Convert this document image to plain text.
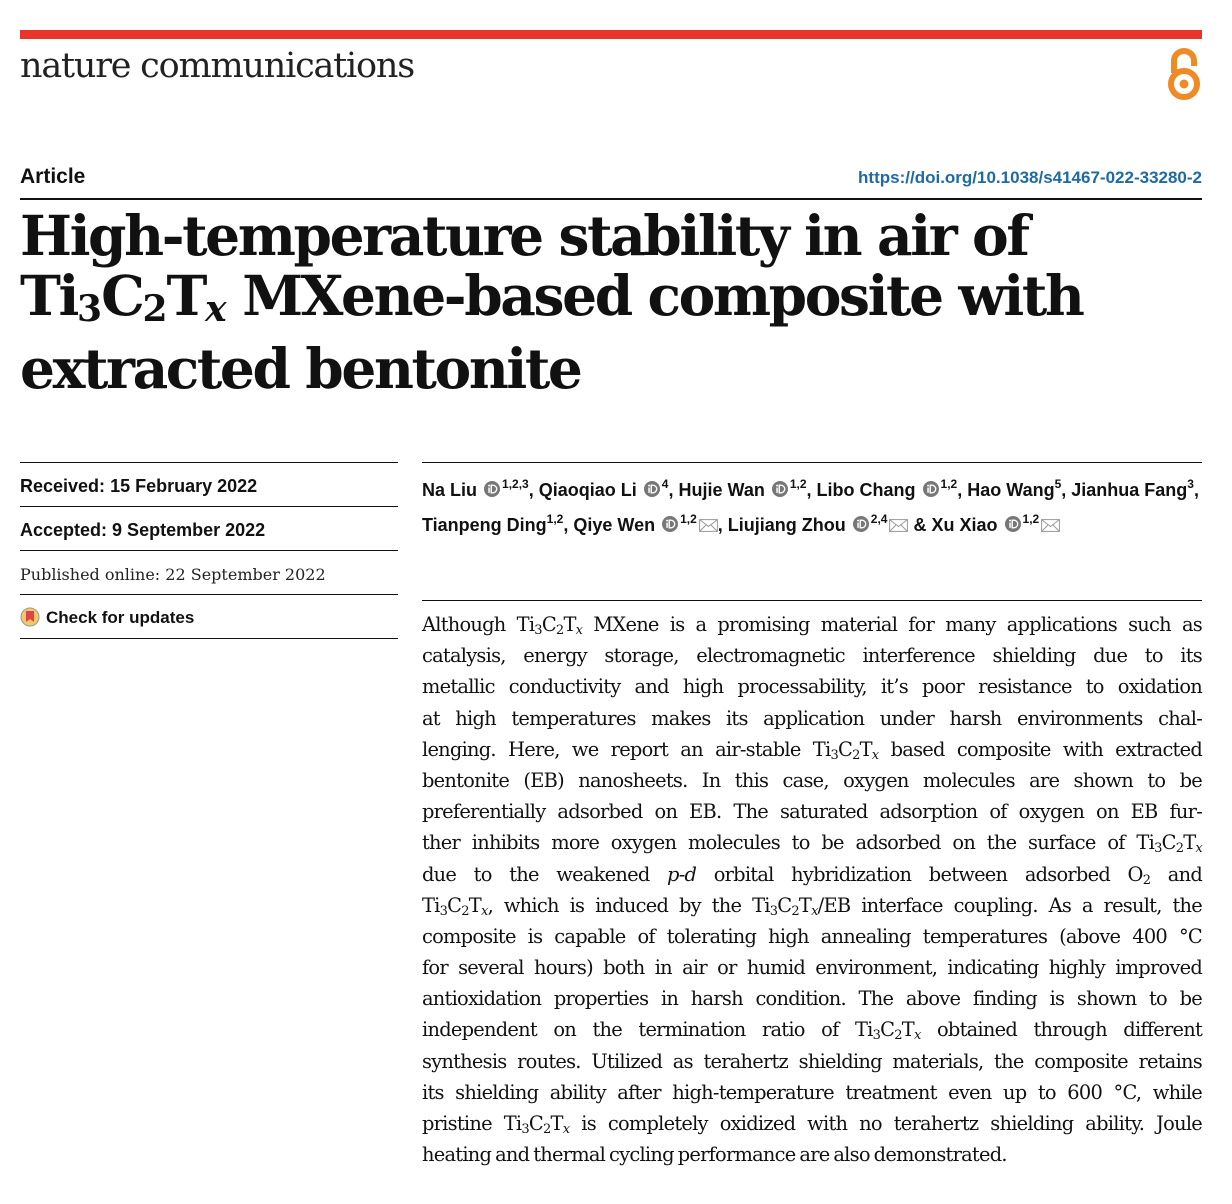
nature communications
Article	https://doi.org/10.1038/s41467-022-33280-2
High-temperature stability in air of $Ti_3C_2T_x$ MXene-based composite with extracted bentonite
Received: 15 February 2022
Accepted: 9 September 2022
Published online: 22 September 2022
Check for updates
Na Liu $^{1,2,3}$, Qiaoqiao Li $^4$, Hujie Wan $^{1,2}$, Libo Chang $^{1,2}$, Hao Wang$^5$, Jianhua Fang$^3$, Tianpeng Ding$^{1,2}$, Qiye Wen $^{1,2}$ , Liujiang Zhou $^{2,4}$ & Xu Xiao $^{1,2}$
Although $Ti_3C_2T_x$ MXene is a promising material for many applications such as
catalysis, energy storage, electromagnetic interference shielding due to its
metallic conductivity and high processability, it’s poor resistance to oxidation
at high temperatures makes its application under harsh environments chal-
lenging. Here, we report an air-stable $Ti_3C_2T_x$ based composite with extracted
bentonite (EB) nanosheets. In this case, oxygen molecules are shown to be
preferentially adsorbed on EB. The saturated adsorption of oxygen on EB fur-
ther inhibits more oxygen molecules to be adsorbed on the surface of $Ti_3C_2T_x$
due to the weakened p-d orbital hybridization between adsorbed $O_2$ and
$Ti_3C_2T_x$, which is induced by the $Ti_3C_2T_x/EB$ interface coupling. As a result, the
composite is capable of tolerating high annealing temperatures (above 400 °C
for several hours) both in air or humid environment, indicating highly improved
antioxidation properties in harsh condition. The above finding is shown to be
independent on the termination ratio of $Ti_3C_2T_x$ obtained through different
synthesis routes. Utilized as terahertz shielding materials, the composite retains
its shielding ability after high-temperature treatment even up to 600 °C, while
pristine $Ti_3C_2T_x$ is completely oxidized with no terahertz shielding ability. Joule
heating and thermal cycling performance are also demonstrated.
